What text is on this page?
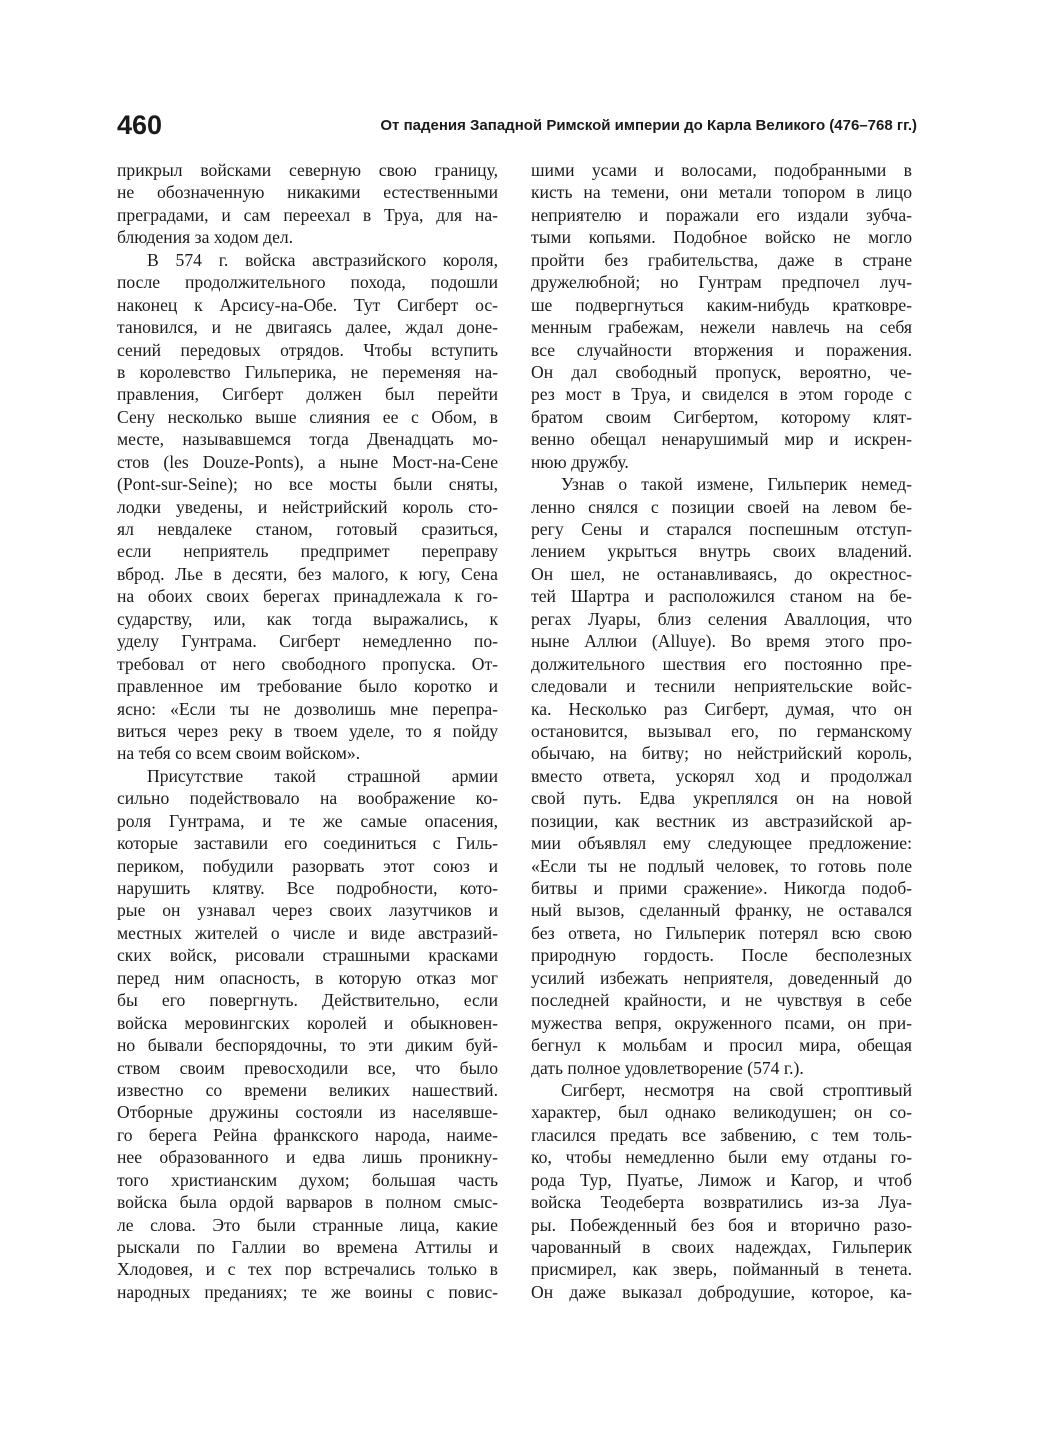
460	От падения Западной Римской империи до Карла Великого (476–768 гг.)
прикрыл войсками северную свою границу,
не обозначенную никакими естественными
преградами, и сам переехал в Труа, для на-
блюдения за ходом дел.
В 574 г. войска австразийского короля,
после продолжительного похода, подошли
наконец к Арсису-на-Обе. Тут Сигберт ос-
тановился, и не двигаясь далее, ждал доне-
сений передовых отрядов. Чтобы вступить
в королевство Гильперика, не переменяя на-
правления, Сигберт должен был перейти
Сену несколько выше слияния ее с Обом, в
месте, называвшемся тогда Двенадцать мо-
стов (les Douze-Ponts), а ныне Мост-на-Сене
(Pont-sur-Seine); но все мосты были сняты,
лодки уведены, и нейстрийский король сто-
ял невдалеке станом, готовый сразиться,
если неприятель предпримет переправу
вброд. Лье в десяти, без малого, к югу, Сена
на обоих своих берегах принадлежала к го-
сударству, или, как тогда выражались, к
уделу Гунтрама. Сигберт немедленно по-
требовал от него свободного пропуска. От-
правленное им требование было коротко и
ясно: «Если ты не дозволишь мне перепра-
виться через реку в твоем уделе, то я пойду
на тебя со всем своим войском».
Присутствие такой страшной армии
сильно подействовало на воображение ко-
роля Гунтрама, и те же самые опасения,
которые заставили его соединиться с Гиль-
периком, побудили разорвать этот союз и
нарушить клятву. Все подробности, кото-
рые он узнавал через своих лазутчиков и
местных жителей о числе и виде австразий-
ских войск, рисовали страшными красками
перед ним опасность, в которую отказ мог
бы его повергнуть. Действительно, если
войска меровингских королей и обыкновен-
но бывали беспорядочны, то эти диким буй-
ством своим превосходили все, что было
известно со времени великих нашествий.
Отборные дружины состояли из населявше-
го берега Рейна франкского народа, наиме-
нее образованного и едва лишь проникну-
того христианским духом; большая часть
войска была ордой варваров в полном смыс-
ле слова. Это были странные лица, какие
рыскали по Галлии во времена Аттилы и
Хлодовея, и с тех пор встречались только в
народных преданиях; те же воины с повис-
шими усами и волосами, подобранными в
кисть на темени, они метали топором в лицо
неприятелю и поражали его издали зубча-
тыми копьями. Подобное войско не могло
пройти без грабительства, даже в стране
дружелюбной; но Гунтрам предпочел луч-
ше подвергнуться каким-нибудь кратковре-
менным грабежам, нежели навлечь на себя
все случайности вторжения и поражения.
Он дал свободный пропуск, вероятно, че-
рез мост в Труа, и свиделся в этом городе с
братом своим Сигбертом, которому клят-
венно обещал ненарушимый мир и искрен-
нюю дружбу.
Узнав о такой измене, Гильперик немед-
ленно снялся с позиции своей на левом бе-
регу Сены и старался поспешным отступ-
лением укрыться внутрь своих владений.
Он шел, не останавливаясь, до окрестнос-
тей Шартра и расположился станом на бе-
регах Луары, близ селения Аваллоция, что
ныне Аллюи (Alluye). Во время этого про-
должительного шествия его постоянно пре-
следовали и теснили неприятельские войс-
ка. Несколько раз Сигберт, думая, что он
остановится, вызывал его, по германскому
обычаю, на битву; но нейстрийский король,
вместо ответа, ускорял ход и продолжал
свой путь. Едва укреплялся он на новой
позиции, как вестник из австразийской ар-
мии объявлял ему следующее предложение:
«Если ты не подлый человек, то готовь поле
битвы и прими сражение». Никогда подоб-
ный вызов, сделанный франку, не оставался
без ответа, но Гильперик потерял всю свою
природную гордость. После бесполезных
усилий избежать неприятеля, доведенный до
последней крайности, и не чувствуя в себе
мужества вепря, окруженного псами, он при-
бегнул к мольбам и просил мира, обещая
дать полное удовлетворение (574 г.).
Сигберт, несмотря на свой строптивый
характер, был однако великодушен; он со-
гласился предать все забвению, с тем толь-
ко, чтобы немедленно были ему отданы го-
рода Тур, Пуатье, Лимож и Кагор, и чтоб
войска Теодеберта возвратились из-за Луа-
ры. Побежденный без боя и вторично разо-
чарованный в своих надеждах, Гильперик
присмирел, как зверь, пойманный в тенета.
Он даже выказал добродушие, которое, ка-
